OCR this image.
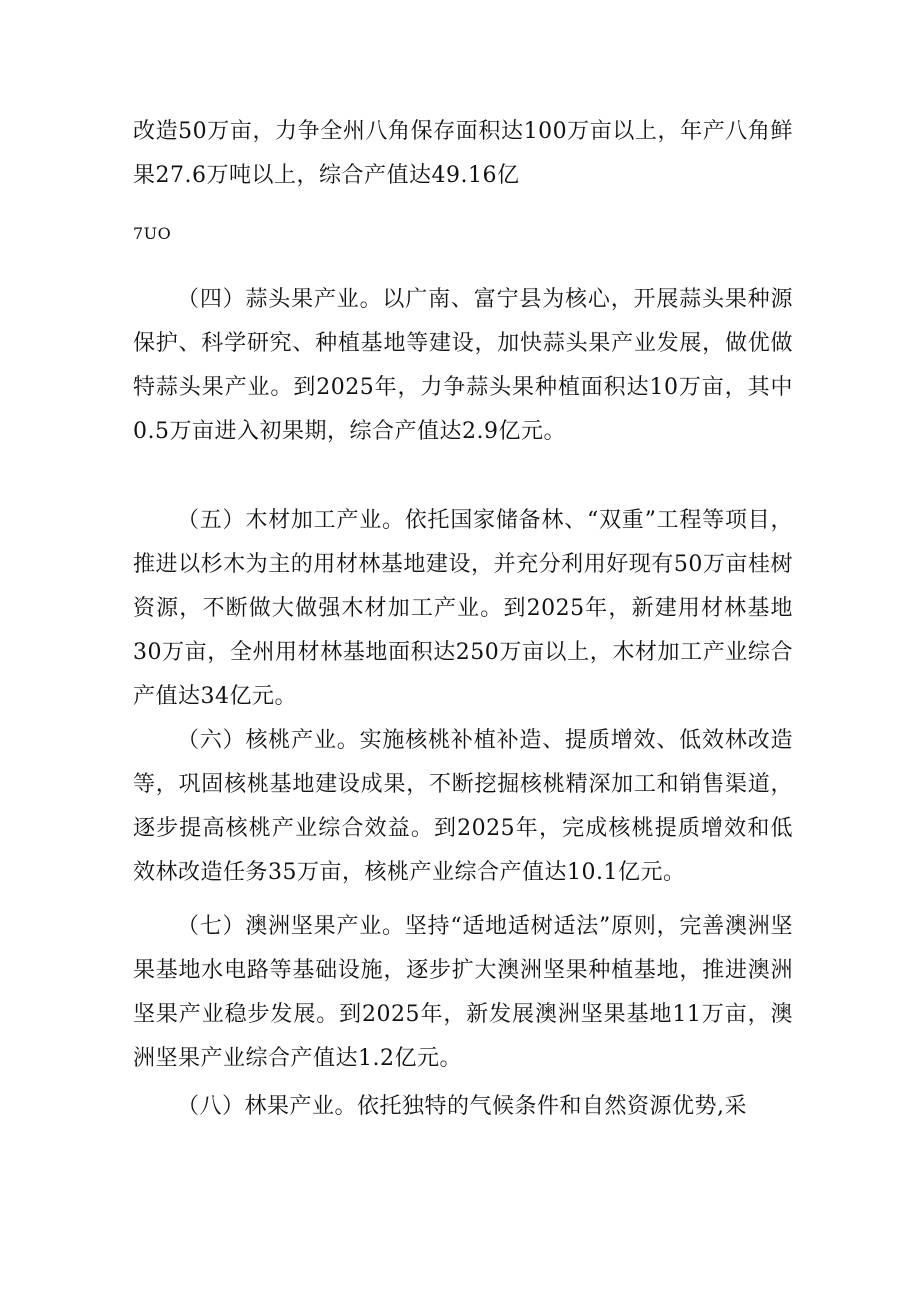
改造50万亩，力争全州八角保存面积达100万亩以上，年产八角鲜果27.6万吨以上，综合产值达49.16亿

7UO

（四）蒜头果产业。以广南、富宁县为核心，开展蒜头果种源保护、科学研究、种植基地等建设，加快蒜头果产业发展，做优做特蒜头果产业。到2025年，力争蒜头果种植面积达10万亩，其中0.5万亩进入初果期，综合产值达2.9亿元。

（五）木材加工产业。依托国家储备林、“双重”工程等项目，推进以杉木为主的用材林基地建设，并充分利用好现有50万亩桂树资源，不断做大做强木材加工产业。到2025年，新建用材林基地30万亩，全州用材林基地面积达250万亩以上，木材加工产业综合产值达34亿元。

（六）核桃产业。实施核桃补植补造、提质增效、低效林改造等，巩固核桃基地建设成果，不断挖掘核桃精深加工和销售渠道，逐步提高核桃产业综合效益。到2025年，完成核桃提质增效和低效林改造任务35万亩，核桃产业综合产值达10.1亿元。

（七）澳洲坚果产业。坚持“适地适树适法”原则，完善澳洲坚果基地水电路等基础设施，逐步扩大澳洲坚果种植基地，推进澳洲坚果产业稳步发展。到2025年，新发展澳洲坚果基地11万亩，澳洲坚果产业综合产值达1.2亿元。

（八）林果产业。依托独特的气候条件和自然资源优势,采
